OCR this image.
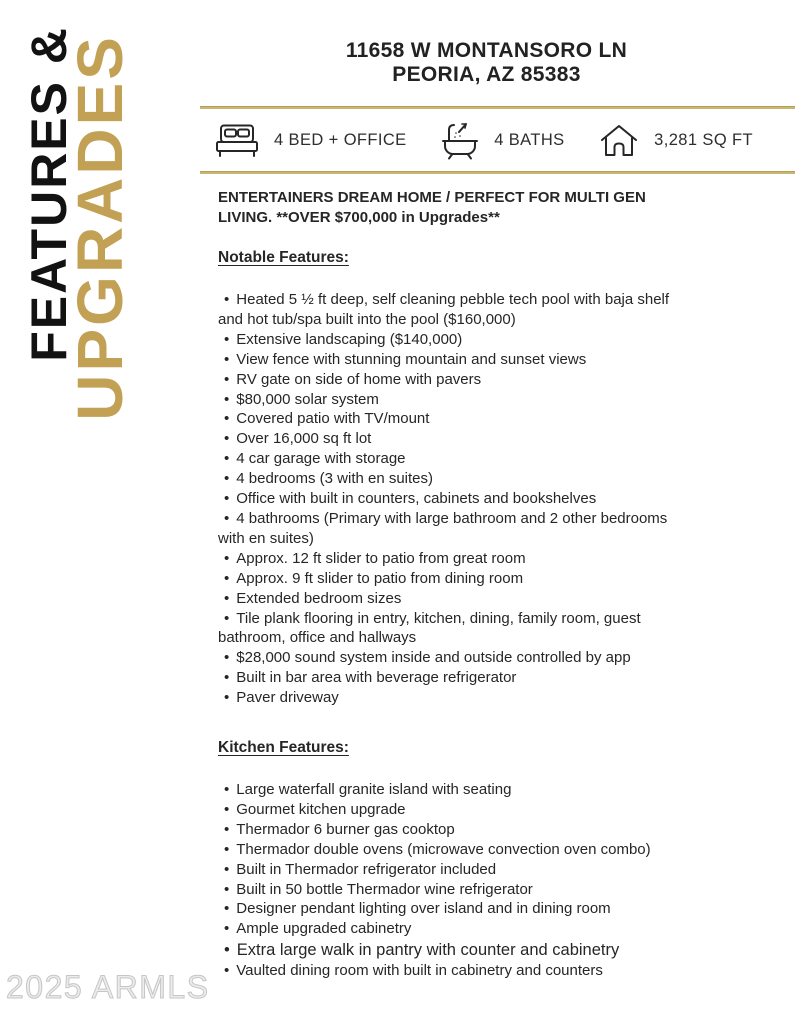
FEATURES &
UPGRADES	11658 W MONTANSORO LN
PEORIA, AZ 85383
4 BED + OFFICE	4 BATHS	3,281 SQ FT

ENTERTAINERS DREAM HOME / PERFECT FOR MULTI GEN LIVING. **OVER $700,000 in Upgrades**

Notable Features:
• Heated 5 ½ ft deep, self cleaning pebble tech pool with baja shelf and hot tub/spa built into the pool ($160,000)
• Extensive landscaping ($140,000)
• View fence with stunning mountain and sunset views
• RV gate on side of home with pavers
• $80,000 solar system
• Covered patio with TV/mount
• Over 16,000 sq ft lot
• 4 car garage with storage
• 4 bedrooms (3 with en suites)
• Office with built in counters, cabinets and bookshelves
• 4 bathrooms (Primary with large bathroom and 2 other bedrooms with en suites)
• Approx. 12 ft slider to patio from great room
• Approx. 9 ft slider to patio from dining room
• Extended bedroom sizes
• Tile plank flooring in entry, kitchen, dining, family room, guest bathroom, office and hallways
• $28,000 sound system inside and outside controlled by app
• Built in bar area with beverage refrigerator
• Paver driveway
Kitchen Features:
• Large waterfall granite island with seating
• Gourmet kitchen upgrade
• Thermador 6 burner gas cooktop
• Thermador double ovens (microwave convection oven combo)
• Built in Thermador refrigerator included
• Built in 50 bottle Thermador wine refrigerator
• Designer pendant lighting over island and in dining room
• Ample upgraded cabinetry
• Extra large walk in pantry with counter and cabinetry
• Vaulted dining room with built in cabinetry and counters
2025 ARMLS
